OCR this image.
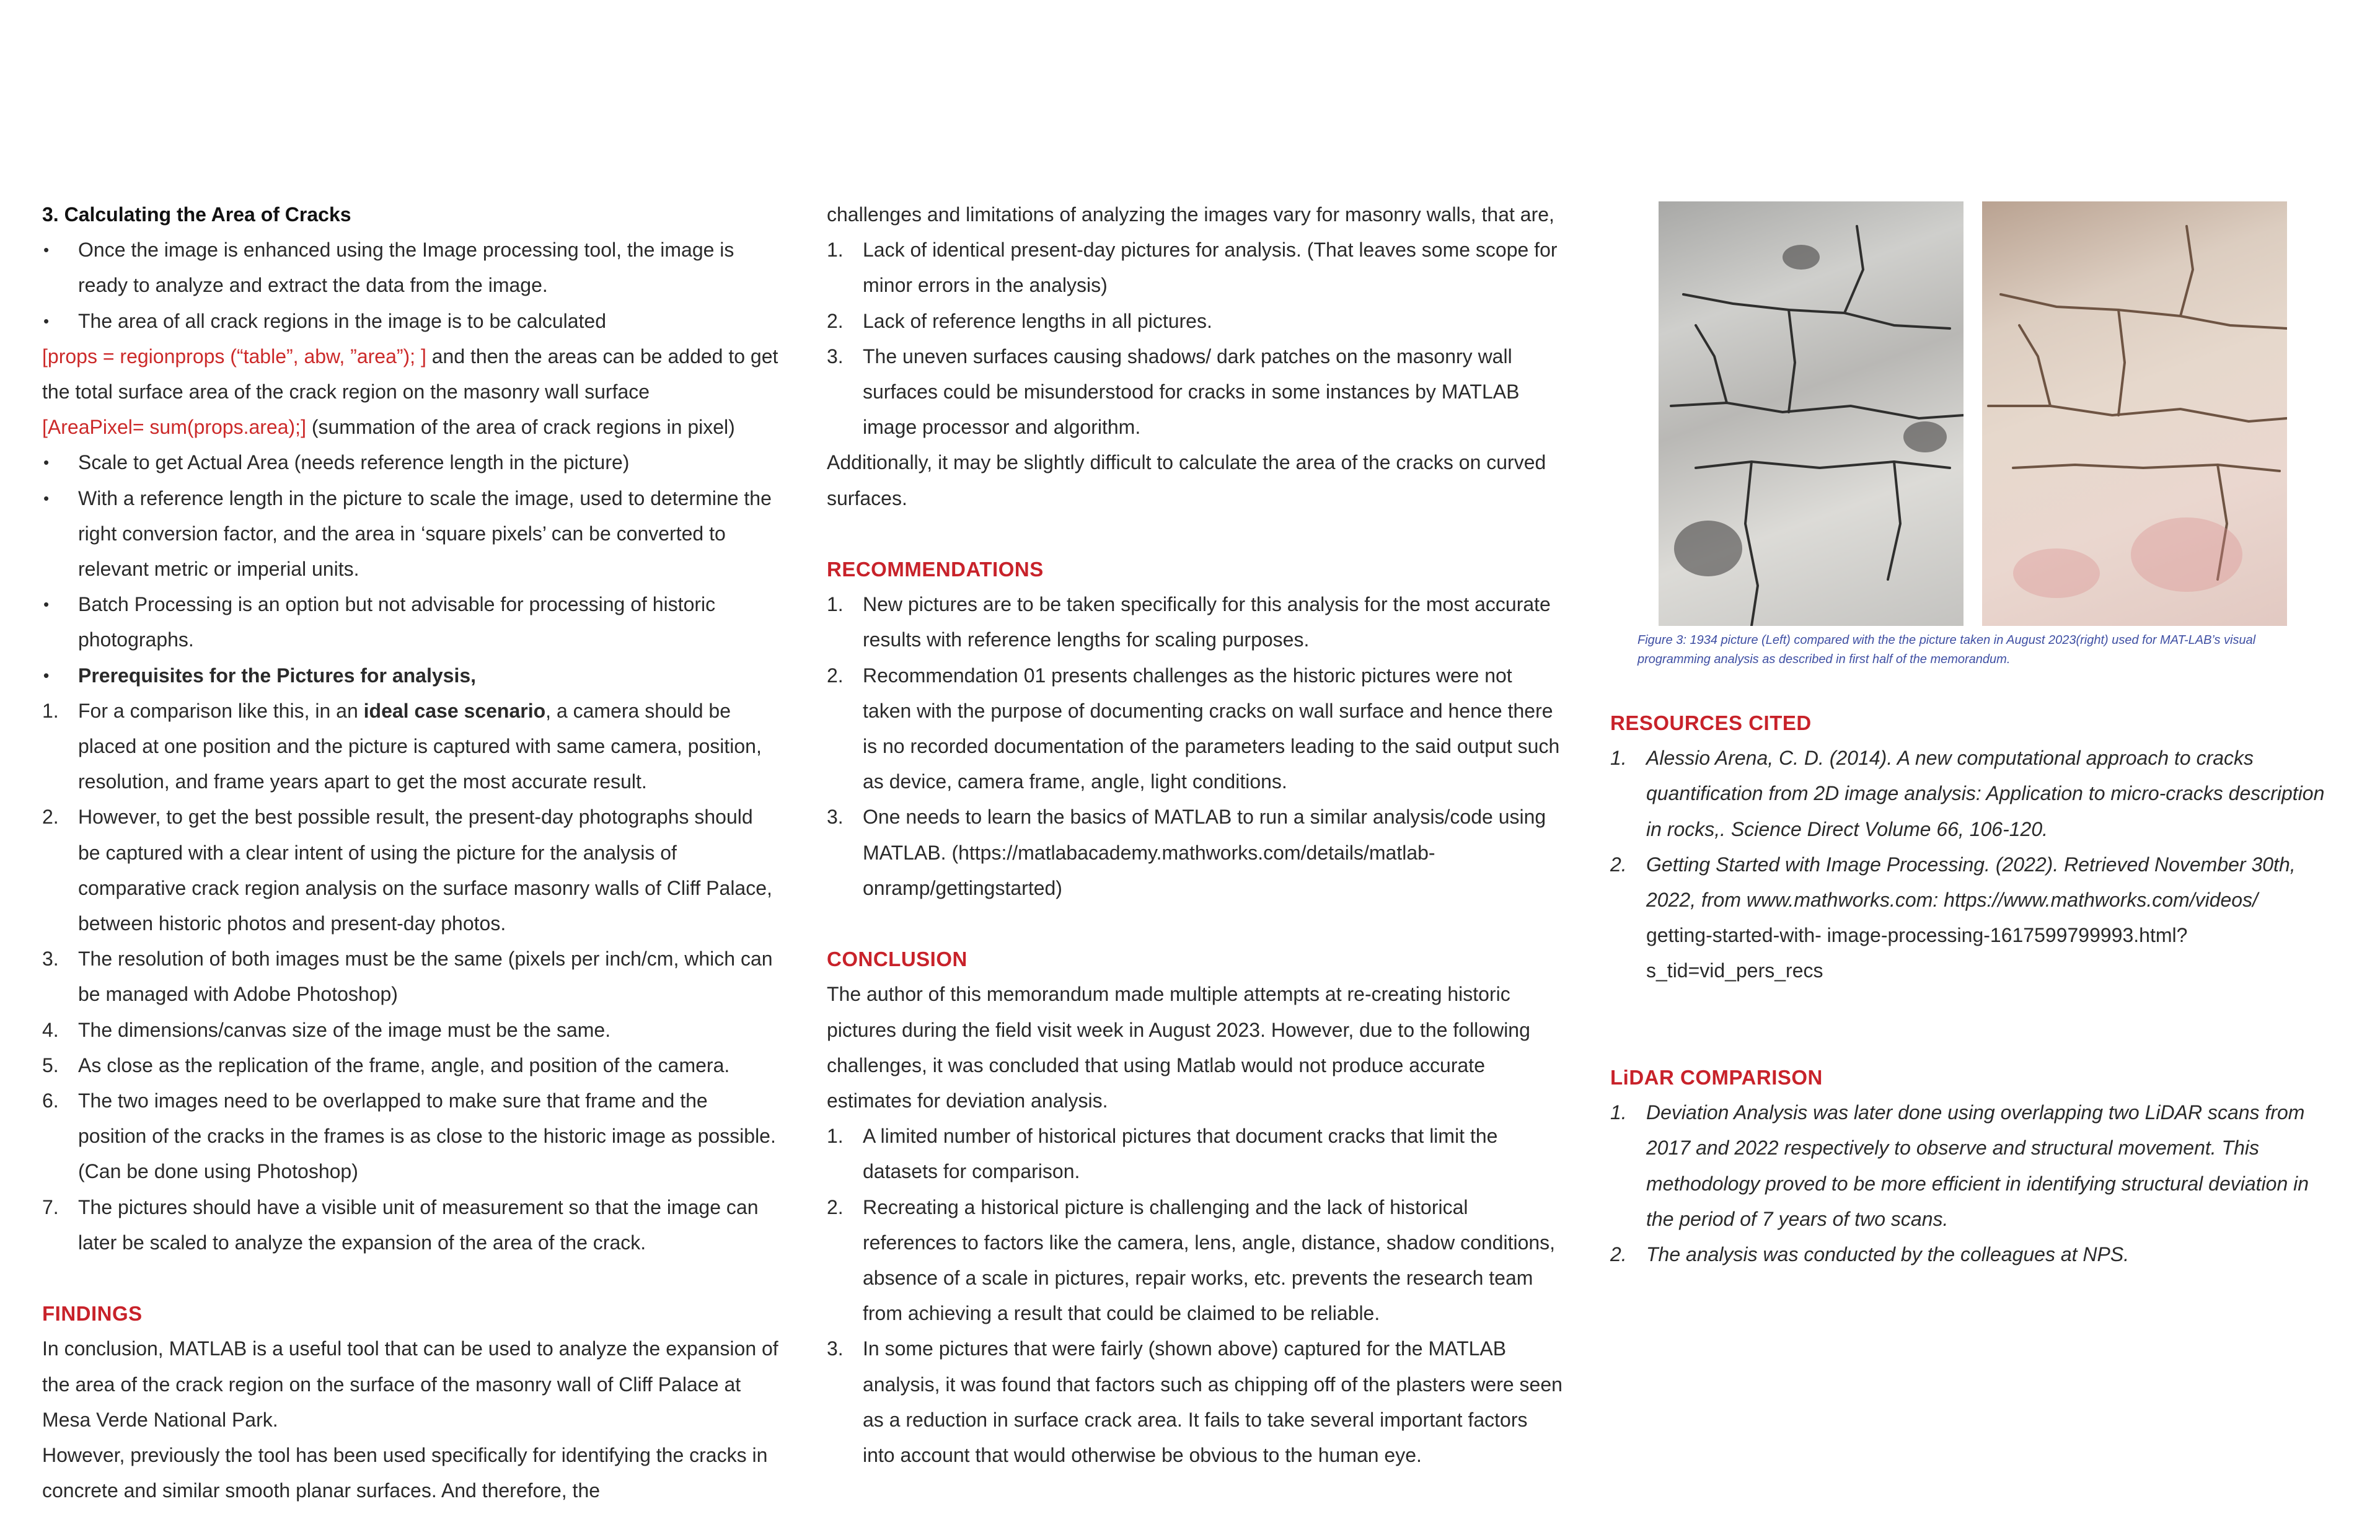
3. Calculating the Area of Cracks

•	Once the image is enhanced using the Image processing tool, the image is ready to analyze and extract the data from the image.
•	The area of all crack regions in the image is to be calculated

[props = regionprops (“table”, abw, ”area”); ] and then the areas can be added to get the total surface area of the crack region on the masonry wall surface

[AreaPixel= sum(props.area);] (summation of the area of crack regions in pixel)

•	Scale to get Actual Area (needs reference length in the picture)
•	With a reference length in the picture to scale the image, used to determine the right conversion factor, and the area in ‘square pixels’ can be converted to relevant metric or imperial units.
•	Batch Processing is an option but not advisable for processing of historic photographs.
•	Prerequisites for the Pictures for analysis,
1. For a comparison like this, in an ideal case scenario, a camera should be placed at one position and the picture is captured with same camera, position, resolution, and frame years apart to get the most accurate result.
2. However, to get the best possible result, the present-day photographs should be captured with a clear intent of using the picture for the analysis of comparative crack region analysis on the surface masonry walls of Cliff Palace, between historic photos and present-day photos.
3. The resolution of both images must be the same (pixels per inch/cm, which can be managed with Adobe Photoshop)
4. The dimensions/canvas size of the image must be the same.
5. As close as the replication of the frame, angle, and position of the camera.
6. The two images need to be overlapped to make sure that frame and the position of the cracks in the frames is as close to the historic image as possible. (Can be done using Photoshop)
7. The pictures should have a visible unit of measurement so that the image can later be scaled to analyze the expansion of the area of the crack.

FINDINGS

In conclusion, MATLAB is a useful tool that can be used to analyze the expansion of the area of the crack region on the surface of the masonry wall of Cliff Palace at Mesa Verde National Park.

However, previously the tool has been used specifically for identifying the cracks in concrete and similar smooth planar surfaces. And therefore, the

challenges and limitations of analyzing the images vary for masonry walls, that are,

1. Lack of identical present-day pictures for analysis. (That leaves some scope for minor errors in the analysis)
2. Lack of reference lengths in all pictures.
3. The uneven surfaces causing shadows/ dark patches on the masonry wall surfaces could be misunderstood for cracks in some instances by MATLAB image processor and algorithm.

Additionally, it may be slightly difficult to calculate the area of the cracks on curved surfaces.

RECOMMENDATIONS

1. New pictures are to be taken specifically for this analysis for the most accurate results with reference lengths for scaling purposes.
2. Recommendation 01 presents challenges as the historic pictures were not taken with the purpose of documenting cracks on wall surface and hence there is no recorded documentation of the parameters leading to the said output such as device, camera frame, angle, light conditions.
3. One needs to learn the basics of MATLAB to run a similar analysis/code using MATLAB. (https://matlabacademy.mathworks.com/details/matlab-onramp/gettingstarted)

CONCLUSION

The author of this memorandum made multiple attempts at re-creating historic pictures during the field visit week in August 2023. However, due to the following challenges, it was concluded that using Matlab would not produce accurate estimates for deviation analysis.

1. A limited number of historical pictures that document cracks that limit the datasets for comparison.
2. Recreating a historical picture is challenging and the lack of historical references to factors like the camera, lens, angle, distance, shadow conditions, absence of a scale in pictures, repair works, etc. prevents the research team from achieving a result that could be claimed to be reliable.
3. In some pictures that were fairly (shown above) captured for the MATLAB analysis, it was found that factors such as chipping off of the plasters were seen as a reduction in surface crack area. It fails to take several important factors into account that would otherwise be obvious to the human eye.
Figure 3: 1934 picture (Left) compared with the the picture taken in August 2023(right) used for MAT-LAB’s visual programming analysis as described in first half of the memorandum.

RESOURCES CITED

1. Alessio Arena, C. D. (2014). A new computational approach to cracks quantification from 2D image analysis: Application to micro-cracks description in rocks,. Science Direct Volume 66, 106-120.
2. Getting Started with Image Processing. (2022). Retrieved November 30th, 2022, from www.mathworks.com: https://www.mathworks.com/videos/
getting-started-with- image-processing-1617599799993.html?s_tid=vid_pers_recs

LiDAR COMPARISON

1. Deviation Analysis was later done using overlapping two LiDAR scans from 2017 and 2022 respectively to observe and structural movement. This methodology proved to be more efficient in identifying structural deviation in the period of 7 years of two scans.
2. The analysis was conducted by the colleagues at NPS.
